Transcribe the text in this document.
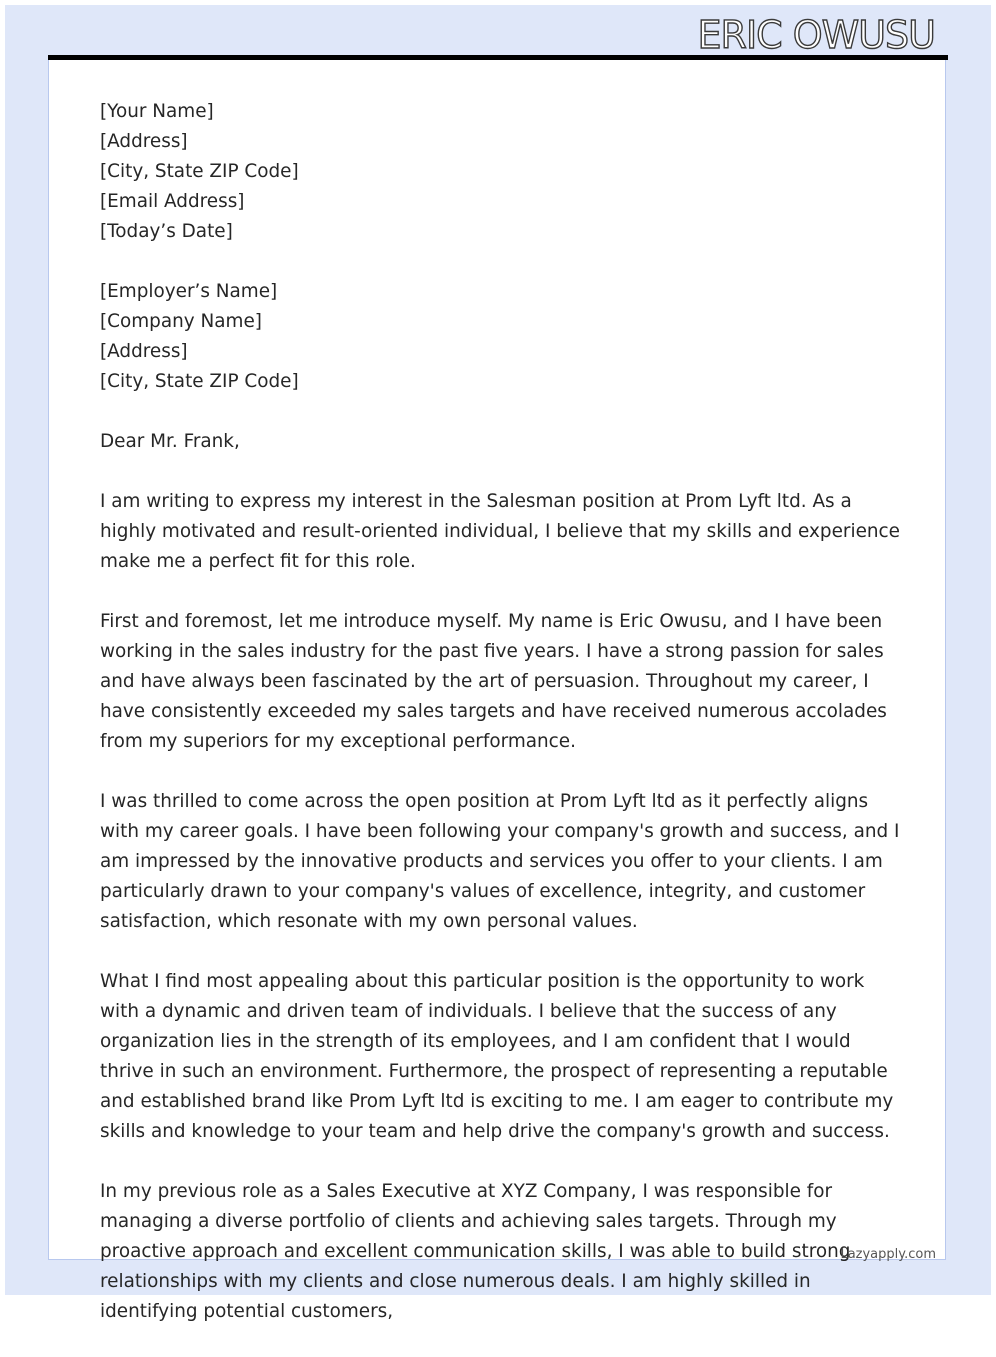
ERIC OWUSU
[Your Name]
[Address]
[City, State ZIP Code]
[Email Address]
[Today’s Date]
[Employer’s Name]
[Company Name]
[Address]
[City, State ZIP Code]
Dear Mr. Frank,

I am writing to express my interest in the Salesman position at Prom Lyft ltd. As a highly motivated and result-oriented individual, I believe that my skills and experience make me a perfect fit for this role.

First and foremost, let me introduce myself. My name is Eric Owusu, and I have been working in the sales industry for the past five years. I have a strong passion for sales and have always been fascinated by the art of persuasion. Throughout my career, I have consistently exceeded my sales targets and have received numerous accolades from my superiors for my exceptional performance.

I was thrilled to come across the open position at Prom Lyft ltd as it perfectly aligns with my career goals. I have been following your company's growth and success, and I am impressed by the innovative products and services you offer to your clients. I am particularly drawn to your company's values of excellence, integrity, and customer satisfaction, which resonate with my own personal values.

What I find most appealing about this particular position is the opportunity to work with a dynamic and driven team of individuals. I believe that the success of any organization lies in the strength of its employees, and I am confident that I would thrive in such an environment. Furthermore, the prospect of representing a reputable and established brand like Prom Lyft ltd is exciting to me. I am eager to contribute my skills and knowledge to your team and help drive the company's growth and success.

In my previous role as a Sales Executive at XYZ Company, I was responsible for managing a diverse portfolio of clients and achieving sales targets. Through my proactive approach and excellent communication skills, I was able to build strong relationships with my clients and close numerous deals. I am highly skilled in identifying potential customers,

Lazyapply.com
